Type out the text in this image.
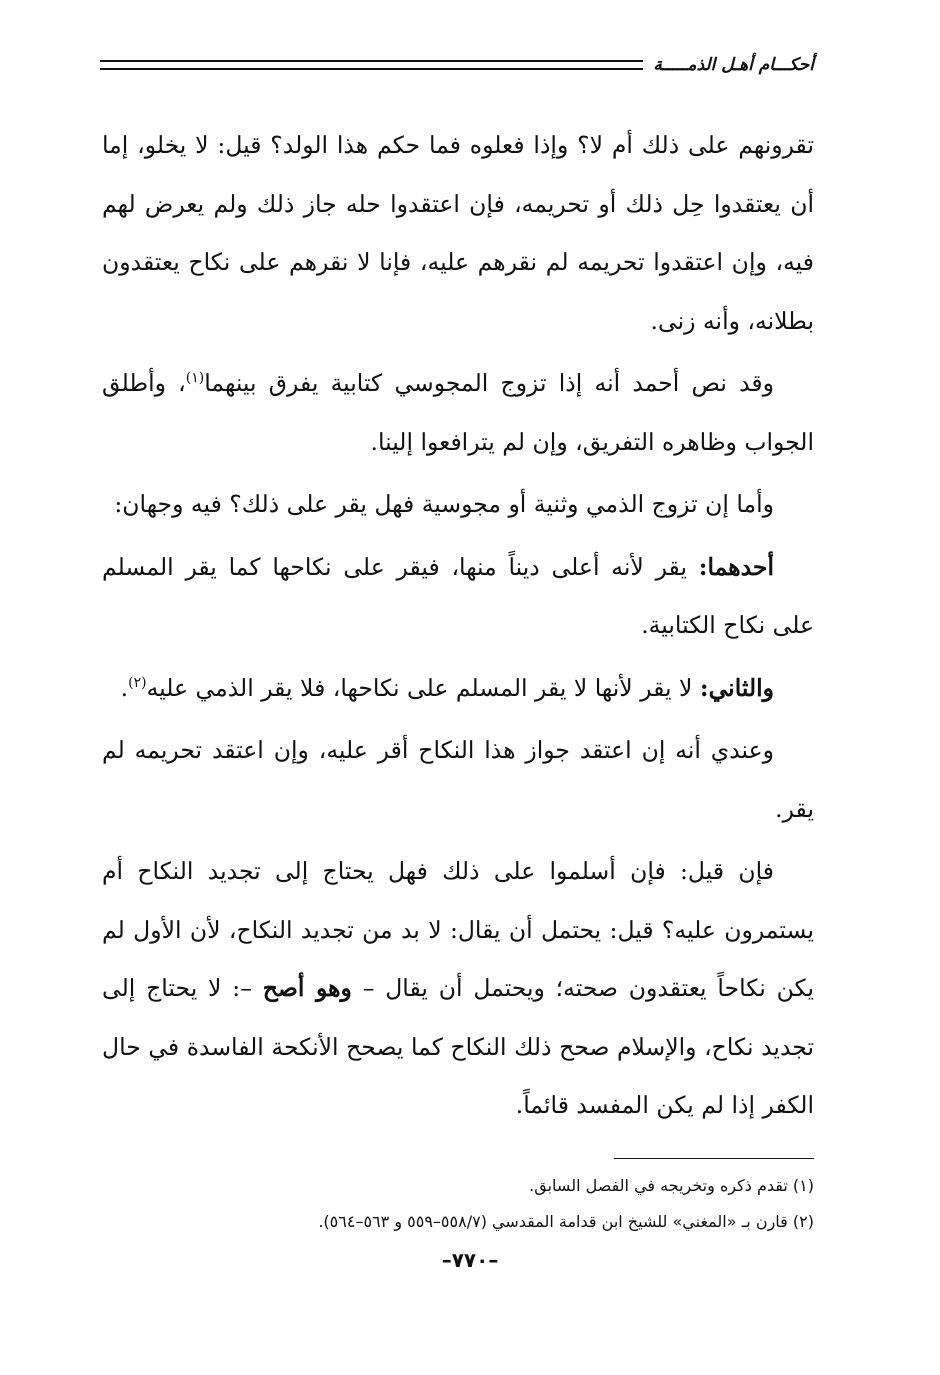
أحكـــام أهـل الذمـــــة

تقرونهم على ذلك أم لا؟ وإذا فعلوه فما حكم هذا الولد؟ قيل: لا يخلو، إما أن يعتقدوا حِل ذلك أو تحريمه، فإن اعتقدوا حله جاز ذلك ولم يعرض لهم فيه، وإن اعتقدوا تحريمه لم نقرهم عليه، فإنا لا نقرهم على نكاح يعتقدون بطلانه، وأنه زنى.

وقد نص أحمد أنه إذا تزوج المجوسي كتابية يفرق بينهما$^{(١)}$، وأطلق الجواب وظاهره التفريق، وإن لم يترافعوا إلينا.

وأما إن تزوج الذمي وثنية أو مجوسية فهل يقر على ذلك؟ فيه وجهان:

أحدهما: يقر لأنه أعلى ديناً منها، فيقر على نكاحها كما يقر المسلم على نكاح الكتابية.

والثاني: لا يقر لأنها لا يقر المسلم على نكاحها، فلا يقر الذمي عليه$^{(٢)}$.

وعندي أنه إن اعتقد جواز هذا النكاح أقر عليه، وإن اعتقد تحريمه لم يقر.

فإن قيل: فإن أسلموا على ذلك فهل يحتاج إلى تجديد النكاح أم يستمرون عليه؟ قيل: يحتمل أن يقال: لا بد من تجديد النكاح، لأن الأول لم يكن نكاحاً يعتقدون صحته؛ ويحتمل أن يقال – وهو أصح –: لا يحتاج إلى تجديد نكاح، والإسلام صحح ذلك النكاح كما يصحح الأنكحة الفاسدة في حال الكفر إذا لم يكن المفسد قائماً.

(١) تقدم ذكره وتخريجه في الفصل السابق.

(٢) قارن بـ «المغني» للشيخ ابن قدامة المقدسي (٥٥٨/٧–٥٥٩ و ٥٦٣–٥٦٤).

–٧٧٠–
